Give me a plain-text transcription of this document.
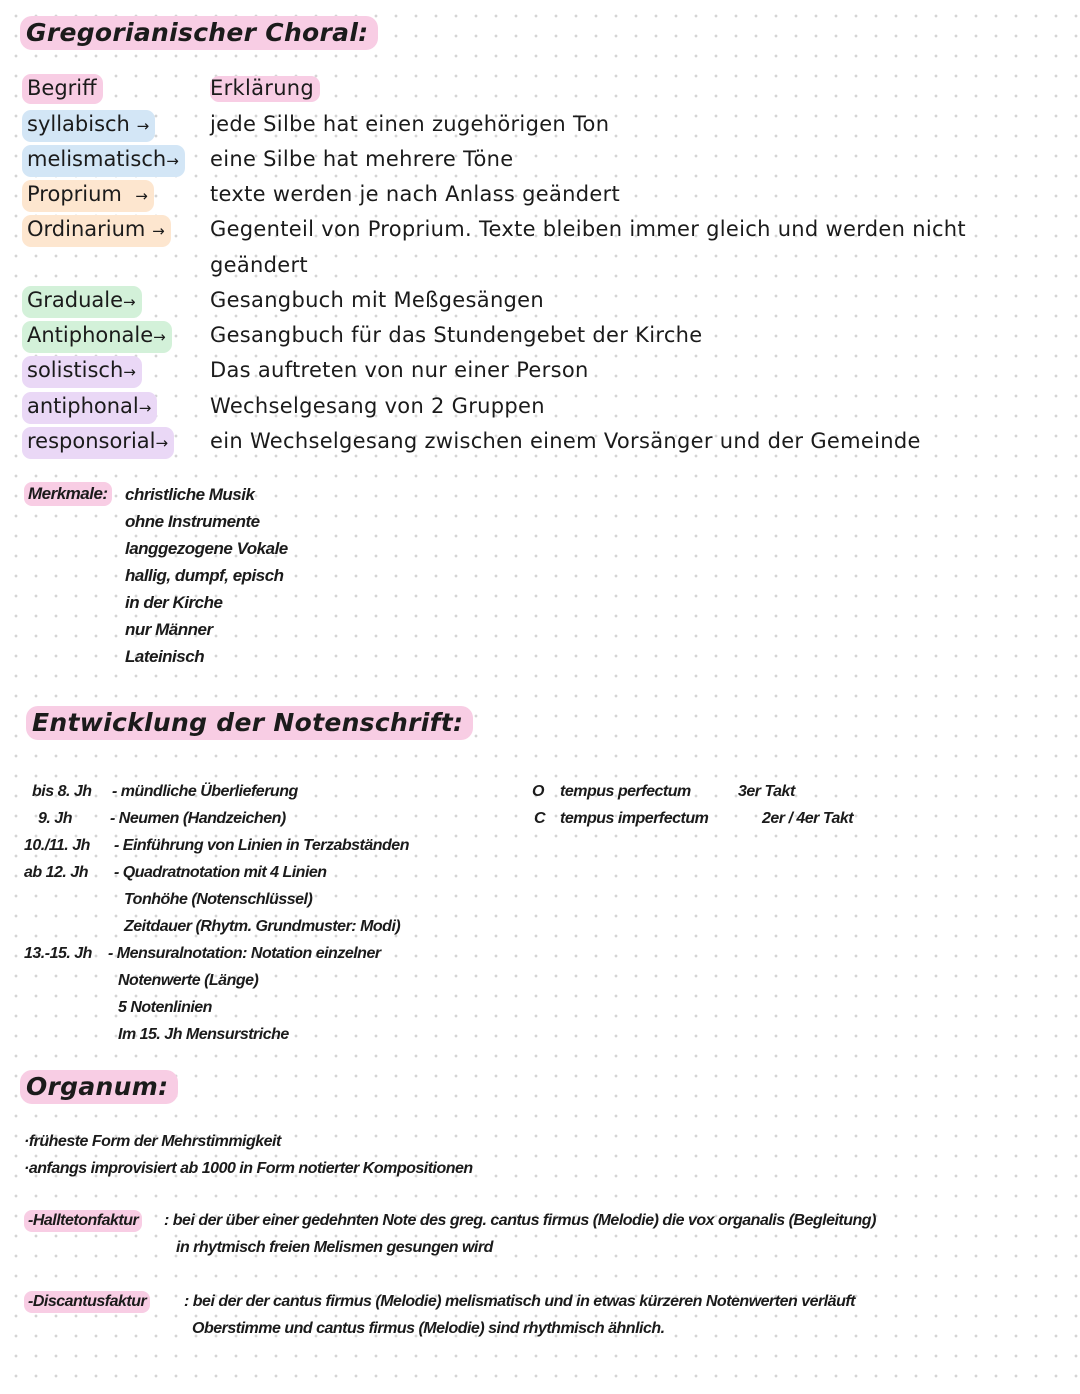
Gregorianischer Choral:
Begriff	Erklärung
syllabisch →	jede Silbe hat einen zugehörigen Ton
melismatisch→ eine Silbe hat mehrere Töne
Proprium →	texte werden je nach Anlass geändert
Ordinarium → Gegenteil von Proprium. Texte bleiben immer gleich und werden nicht
geändert
Graduale→	Gesangbuch mit Meßgesängen
Antiphonale→ Gesangbuch für das Stundengebet der Kirche
solistisch→	Das auftreten von nur einer Person
antiphonal→	Wechselgesang von 2 Gruppen
responsorial→ ein Wechselgesang zwischen einem Vorsänger und der Gemeinde
Merkmale: christliche Musik
ohne Instrumente
langgezogene Vokale
hallig, dumpf, episch
in der Kirche
nur Männer
Lateinisch
Entwicklung der Notenschrift:
bis 8. Jh - mündliche Überlieferung
9. Jh - Neumen (Handzeichen)
10./11. Jh - Einführung von Linien in Terzabständen
ab 12. Jh - Quadratnotation mit 4 Linien
Tonhöhe (Notenschlüssel)
Zeitdauer (Rhytm. Grundmuster: Modi)
13.-15. Jh - Mensuralnotation: Notation einzelner
Notenwerte (Länge)
5 Notenlinien
Im 15. Jh Mensurstriche
O tempus perfectum	3er Takt
C tempus imperfectum	2er / 4er Takt
Organum:
·früheste Form der Mehrstimmigkeit
·anfangs improvisiert ab 1000 in Form notierter Kompositionen
-Halltetonfaktur : bei der über einer gedehnten Note des greg. cantus firmus (Melodie) die vox organalis (Begleitung)
in rhytmisch freien Melismen gesungen wird
-Discantusfaktur : bei der der cantus firmus (Melodie) melismatisch und in etwas kürzeren Notenwerten verläuft
Oberstimme und cantus firmus (Melodie) sind rhythmisch ähnlich.
